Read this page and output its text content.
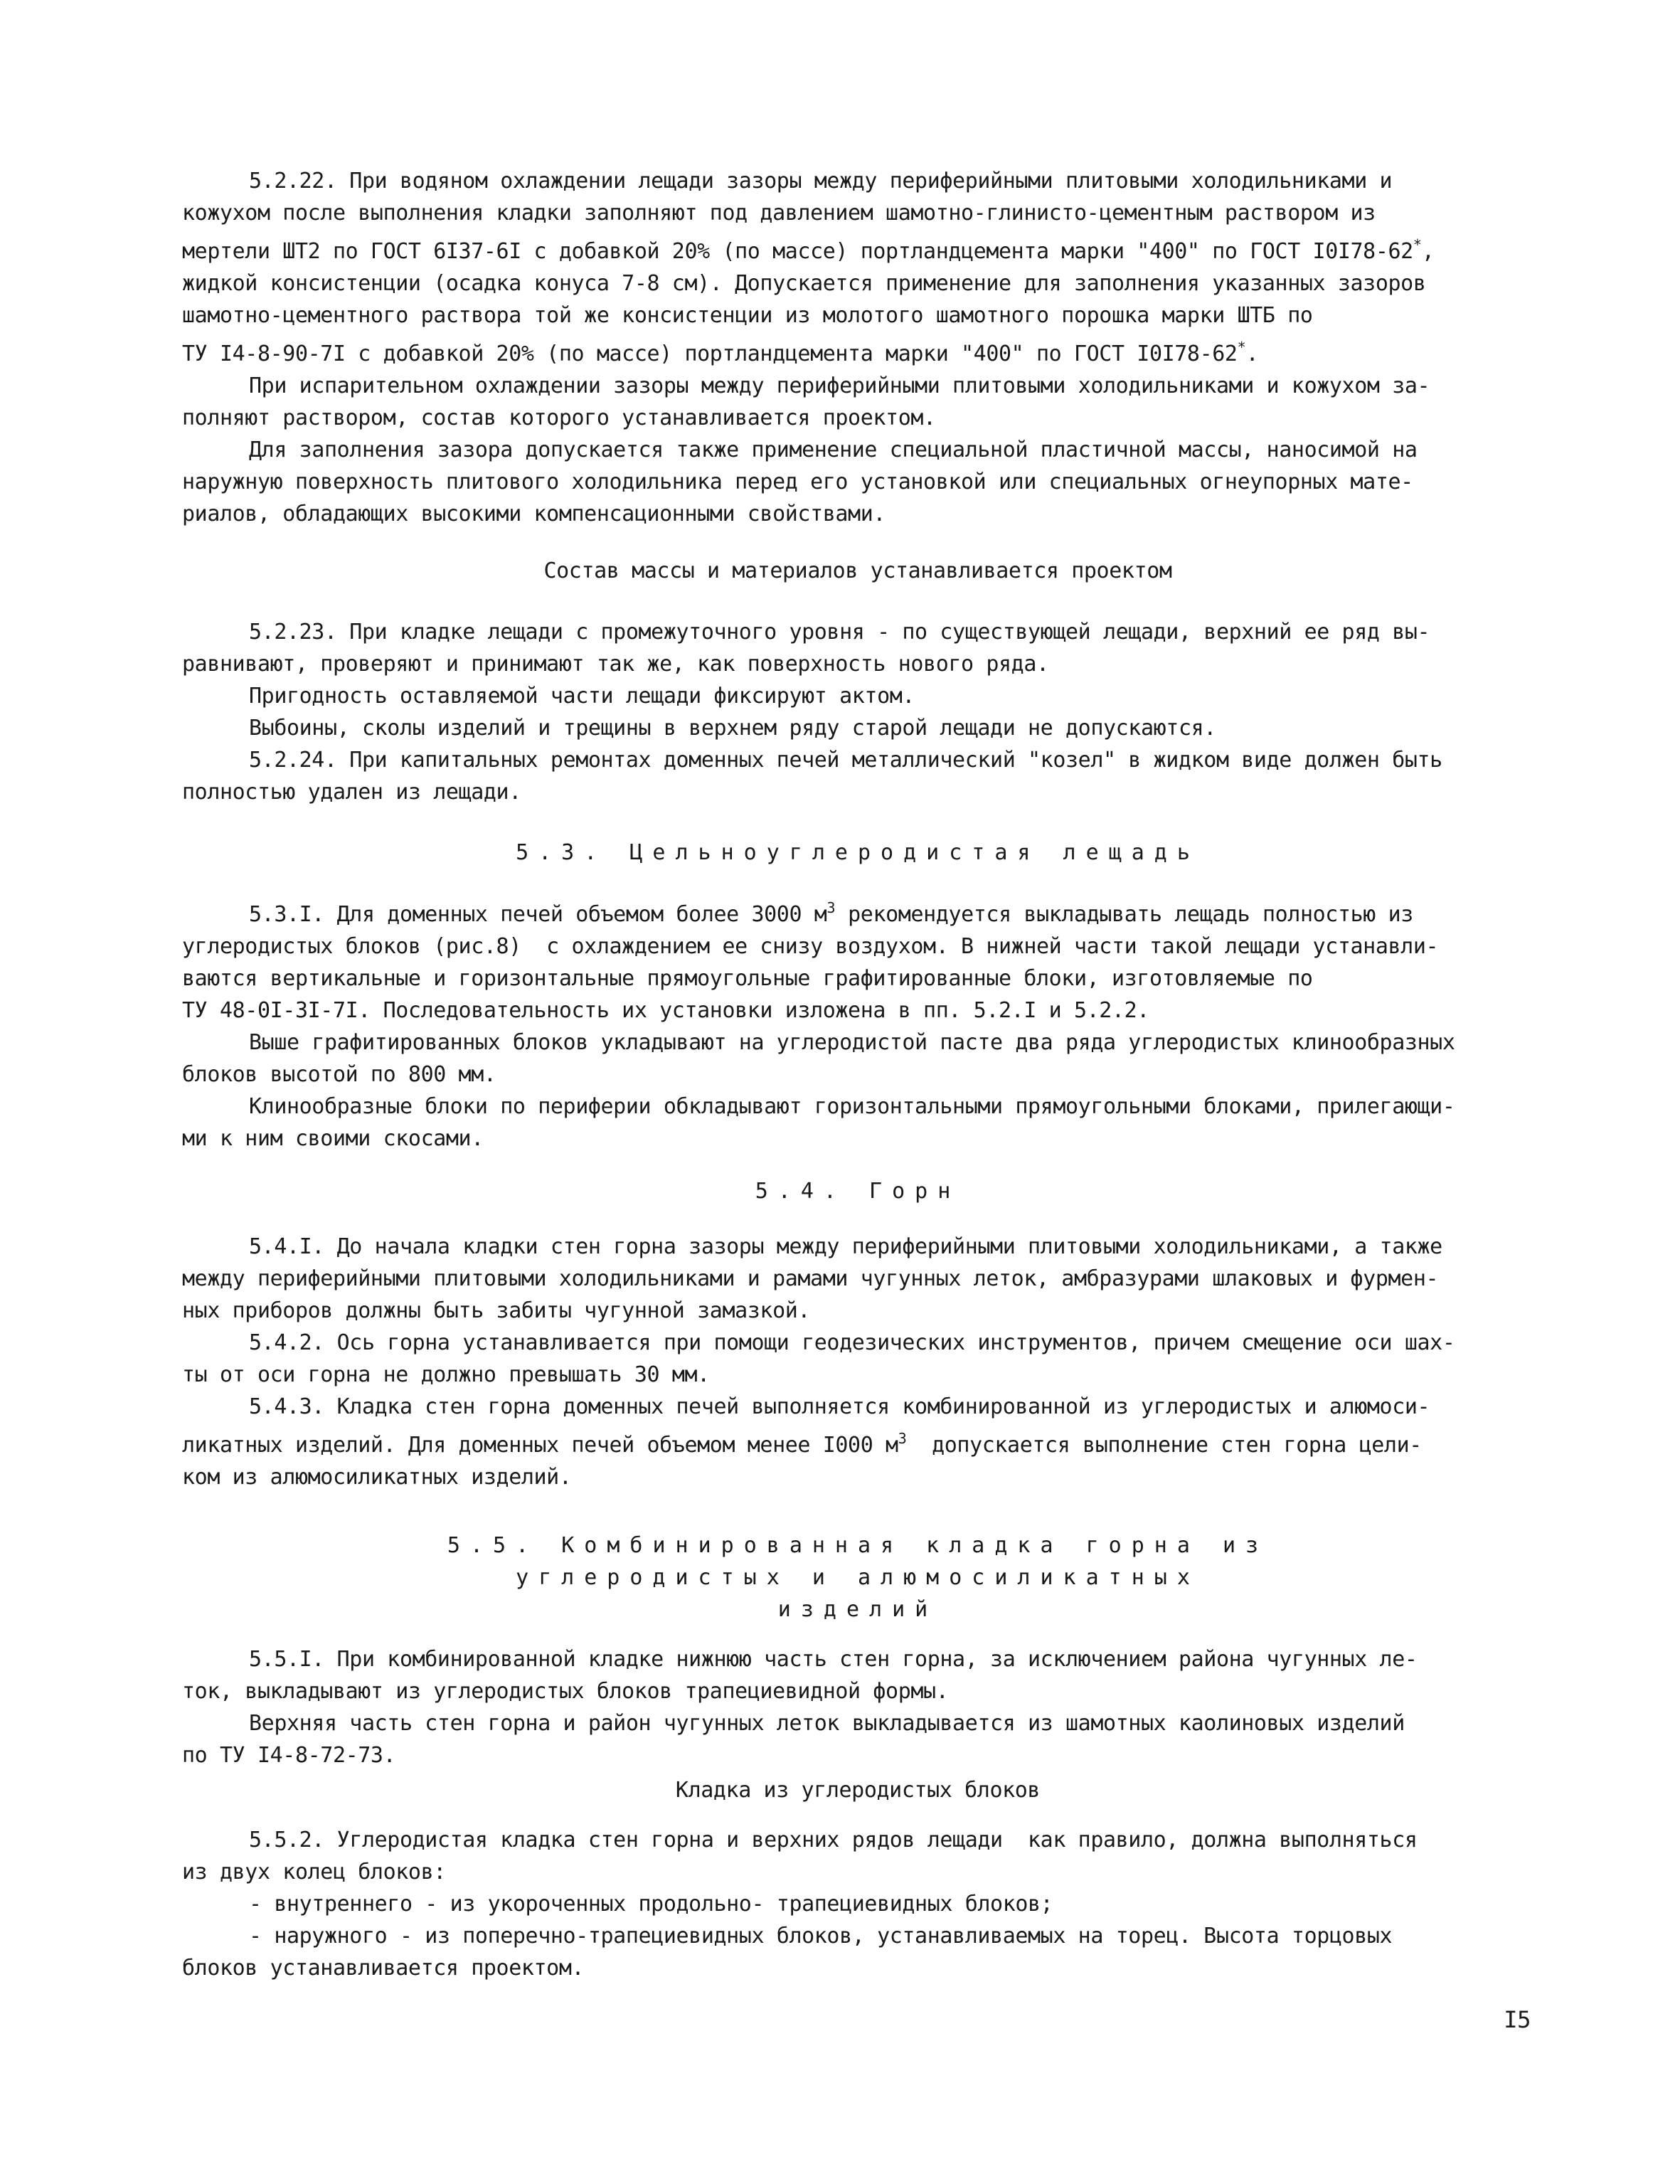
5.2.22. При водяном охлаждении лещади зазоры между периферийными плитовыми холодильниками и
кожухом после выполнения кладки заполняют под давлением шамотно-глинисто-цементным раствором из
мертели ШТ2 по ГОСТ 6I37-6I с добавкой 20% (по массе) портландцемента марки "400" по ГОСТ I0I78-62*,
жидкой консистенции (осадка конуса 7-8 см). Допускается применение для заполнения указанных зазоров
шамотно-цементного раствора той же консистенции из молотого шамотного порошка марки ШТБ по
ТУ I4-8-90-7I с добавкой 20% (по массе) портландцемента марки "400" по ГОСТ I0I78-62*.
При испарительном охлаждении зазоры между периферийными плитовыми холодильниками и кожухом за-
полняют раствором, состав которого устанавливается проектом.
Для заполнения зазора допускается также применение специальной пластичной массы, наносимой на
наружную поверхность плитового холодильника перед его установкой или специальных огнеупорных мате-
риалов, обладающих высокими компенсационными свойствами.

Состав массы и материалов устанавливается проектом

5.2.23. При кладке лещади с промежуточного уровня - по существующей лещади, верхний ее ряд вы-
равнивают, проверяют и принимают так же, как поверхность нового ряда.
Пригодность оставляемой части лещади фиксируют актом.
Выбоины, сколы изделий и трещины в верхнем ряду старой лещади не допускаются.
5.2.24. При капитальных ремонтах доменных печей металлический "козел" в жидком виде должен быть
полностью удален из лещади.

5.3. Цельноуглеродистая лещадь

5.3.I. Для доменных печей объемом более 3000 $м^3$ рекомендуется выкладывать лещадь полностью из
углеродистых блоков (рис.8)  с охлаждением ее снизу воздухом. В нижней части такой лещади устанавли-
ваются вертикальные и горизонтальные прямоугольные графитированные блоки, изготовляемые по
ТУ 48-0I-3I-7I. Последовательность их установки изложена в пп. 5.2.I и 5.2.2.
Выше графитированных блоков укладывают на углеродистой пасте два ряда углеродистых клинообразных
блоков высотой по 800 мм.
Клинообразные блоки по периферии обкладывают горизонтальными прямоугольными блоками, прилегающи-
ми к ним своими скосами.

5.4. Горн

5.4.I. До начала кладки стен горна зазоры между периферийными плитовыми холодильниками, а также
между периферийными плитовыми холодильниками и рамами чугунных леток, амбразурами шлаковых и фурмен-
ных приборов должны быть забиты чугунной замазкой.
5.4.2. Ось горна устанавливается при помощи геодезических инструментов, причем смещение оси шах-
ты от оси горна не должно превышать 30 мм.
5.4.3. Кладка стен горна доменных печей выполняется комбинированной из углеродистых и алюмоси-
ликатных изделий. Для доменных печей объемом менее I000 $м^3$  допускается выполнение стен горна цели-
ком из алюмосиликатных изделий.

5.5. Комбинированная кладка горна из

углеродистых и алюмосиликатных

изделий

5.5.I. При комбинированной кладке нижнюю часть стен горна, за исключением района чугунных ле-
ток, выкладывают из углеродистых блоков трапециевидной формы.
Верхняя часть стен горна и район чугунных леток выкладывается из шамотных каолиновых изделий
по ТУ I4-8-72-73.

Кладка из углеродистых блоков

5.5.2. Углеродистая кладка стен горна и верхних рядов лещади  как правило, должна выполняться
из двух колец блоков:
- внутреннего - из укороченных продольно- трапециевидных блоков;
- наружного - из поперечно-трапециевидных блоков, устанавливаемых на торец. Высота торцовых
блоков устанавливается проектом.

I5
